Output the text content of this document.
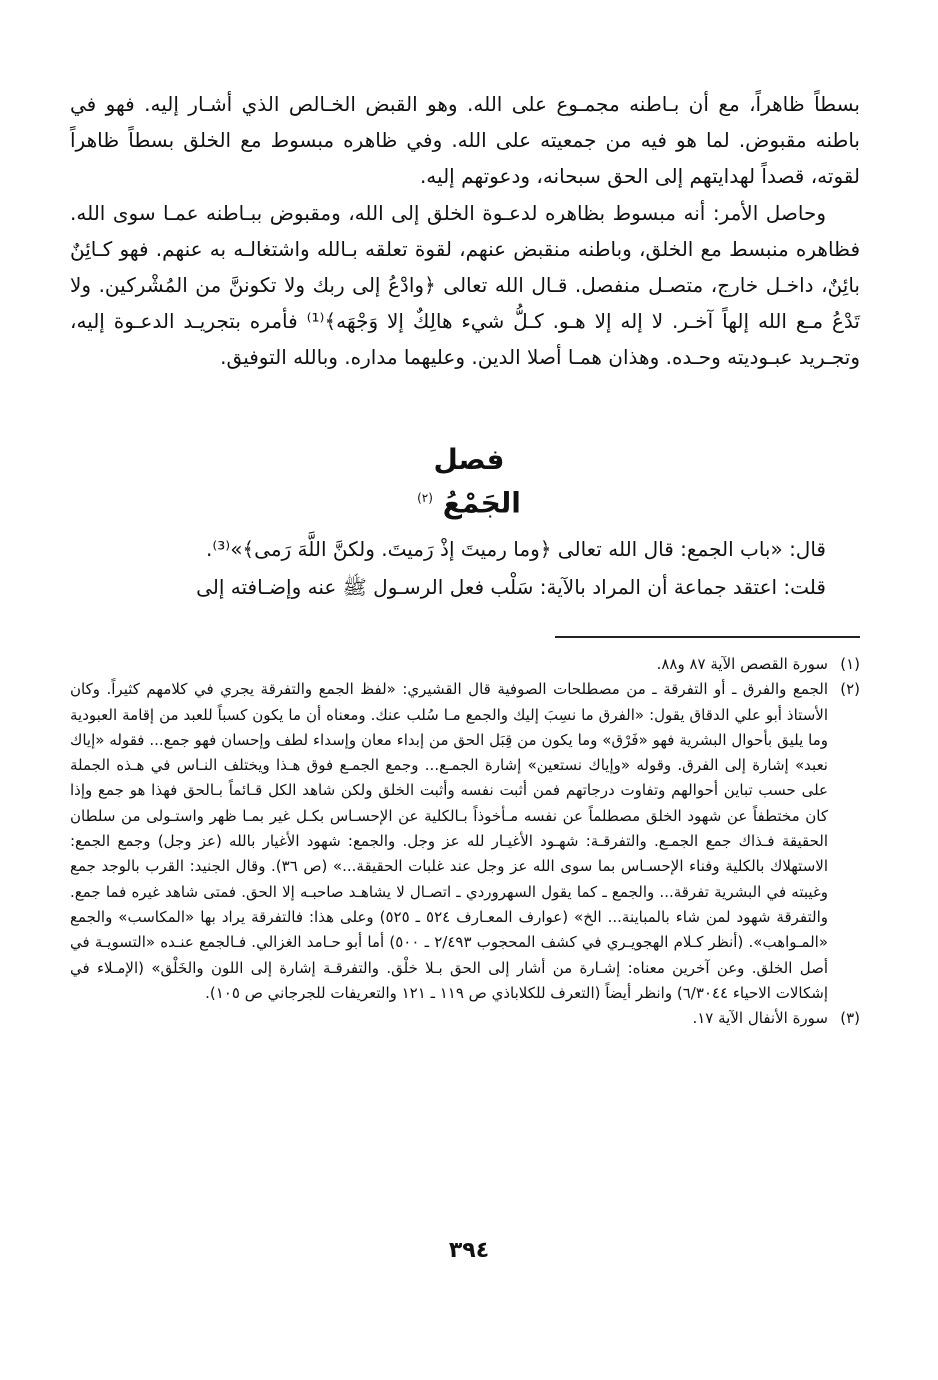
بسطاً ظاهراً، مع أن بـاطنه مجمـوع على الله. وهو القبض الخـالص الذي أشـار إليه. فهو في باطنه مقبوض. لما هو فيه من جمعيته على الله. وفي ظاهره مبسوط مع الخلق بسطاً ظاهراً لقوته، قصداً لهدايتهم إلى الحق سبحانه، ودعوتهم إليه.

وحاصل الأمر: أنه مبسوط بظاهره لدعـوة الخلق إلى الله، ومقبوض ببـاطنه عمـا سوى الله. فظاهره منبسط مع الخلق، وباطنه منقبض عنهم، لقوة تعلقه بـالله واشتغالـه به عنهم. فهو كـائِنٌ بائِنٌ، داخـل خارج، متصـل منفصل. قـال الله تعالى ﴿وادْعُ إلى ربك ولا تكوننَّ من المُشْركين. ولا تَدْعُ مـع الله إلهاً آخـر. لا إله إلا هـو. كـلُّ شيء هالِكٌ إلا وَجْهَه﴾⁽¹⁾ فأمره بتجريـد الدعـوة إليه، وتجـريد عبـوديته وحـده. وهذان همـا أصلا الدين. وعليهما مداره. وبالله التوفيق.

فصل
الجَمْعُ $^{(٢)}$

قال: «باب الجمع: قال الله تعالى ﴿وما رميتَ إذْ رَميتَ. ولكنَّ اللَّهَ رَمى﴾»⁽³⁾.

قلت: اعتقد جماعة أن المراد بالآية: سَلْب فعل الرسـول ﷺ عنه وإضـافته إلى

(١)
سورة القصص الآية ٨٧ و٨٨.
(٢)
الجمع والفرق ـ أو التفرقة ـ من مصطلحات الصوفية قال القشيري: «لفظ الجمع والتفرقة يجري في كلامهم كثيراً. وكان الأستاذ أبو علي الدقاق يقول: «الفرق ما نسِبَ إليك والجمع مـا سُلب عنك. ومعناه أن ما يكون كسباً للعبد من إقامة العبودية وما يليق بأحوال البشرية فهو «فَرْق» وما يكون من قِبَل الحق من إبداء معان وإسداء لطف وإحسان فهو جمع... فقوله «إياك نعبد» إشارة إلى الفرق. وقوله «وإياك نستعين» إشارة الجمـع... وجمع الجمـع فوق هـذا ويختلف النـاس في هـذه الجملة على حسب تباين أحوالهم وتفاوت درجاتهم فمن أثبت نفسه وأثبت الخلق ولكن شاهد الكل قـائماً بـالحق فهذا هو جمع وإذا كان مختطفاً عن شهود الخلق مصطلماً عن نفسه مـأخوذاً بـالكلية عن الإحسـاس بكـل غير بمـا ظهر واستـولى من سلطان الحقيقة فـذاك جمع الجمـع. والتفرقـة: شهـود الأغيـار لله عز وجل. والجمع: شهود الأغيار بالله (عز وجل) وجمع الجمع: الاستهلاك بالكلية وفناء الإحسـاس بما سوى الله عز وجل عند غلبات الحقيقة...» (ص ٣٦). وقال الجنيد: القرب بالوجد جمع وغيبته في البشرية تفرقة... والجمع ـ كما يقول السهروردي ـ اتصـال لا يشاهـد صاحبـه إلا الحق. فمتى شاهد غيره فما جمع. والتفرقة شهود لمن شاء بالمباينة... الخ» (عوارف المعـارف ٥٢٤ ـ ٥٢٥) وعلى هذا: فالتفرقة يراد بها «المكاسب» والجمع «المـواهب». (أنظر كـلام الهجويـري في كشف المحجوب ٢/٤٩٣ ـ ٥٠٠) أما أبو حـامد الغزالي. فـالجمع عنـده «التسويـة في أصل الخلق. وعن آخرين معناه: إشـارة من أشار إلى الحق بـلا خلْق. والتفرقـة إشارة إلى اللون والخَلْق» (الإمـلاء في إشكالات الاحياء ٦/٣٠٤٤) وانظر أيضاً (التعرف للكلاباذي ص ١١٩ ـ ١٢١ والتعريفات للجرجاني ص ١٠٥).
(٣)
سورة الأنفال الآية ١٧.
٣٩٤
